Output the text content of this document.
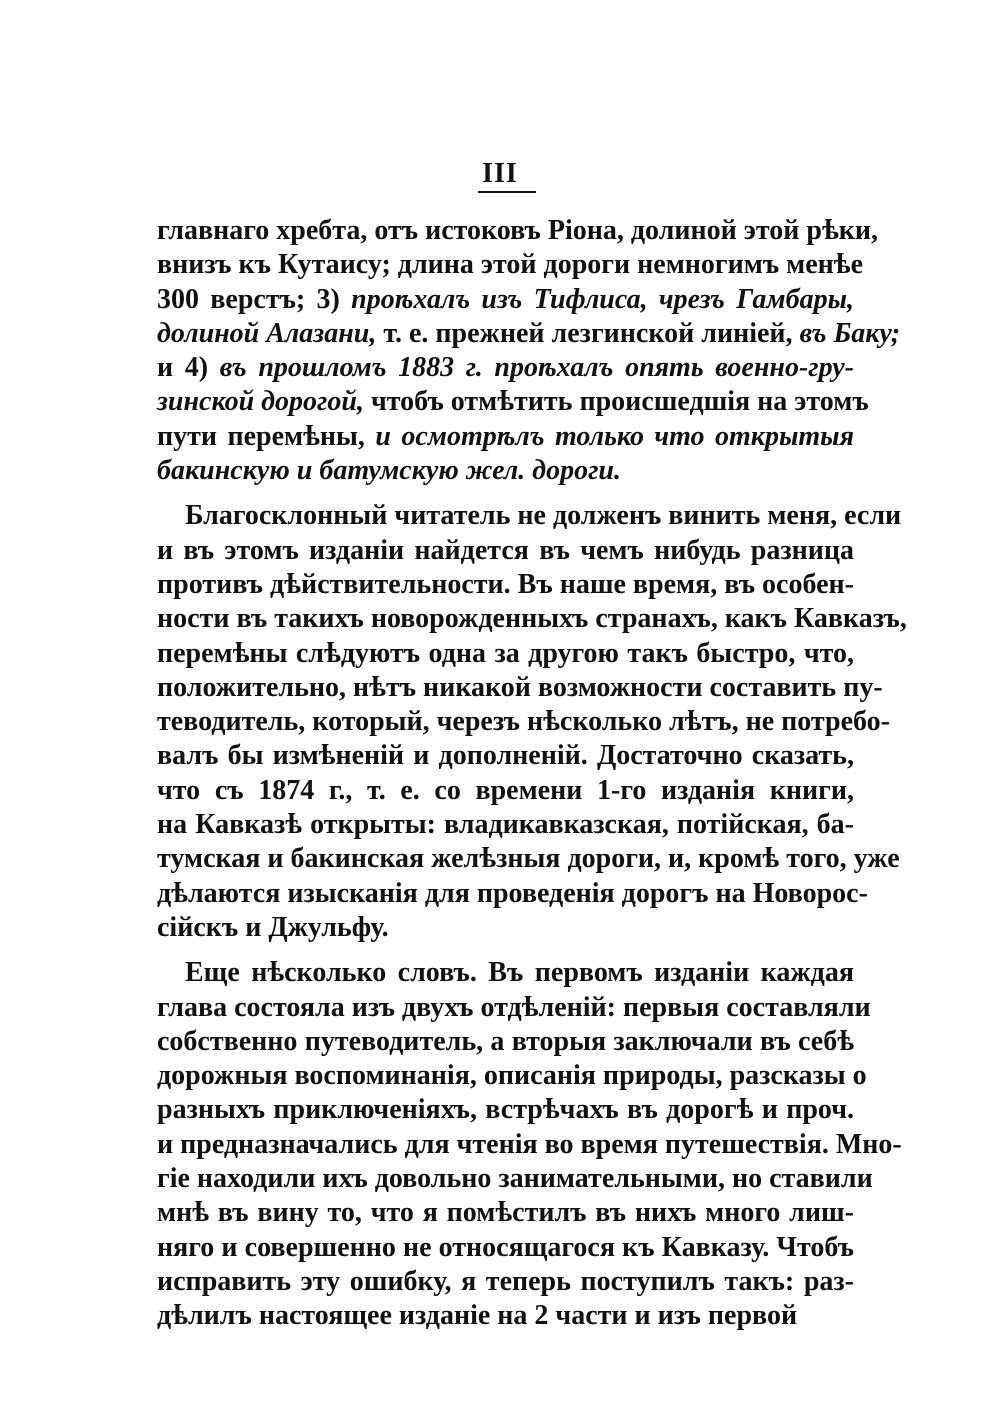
III
главнаго хребта, отъ истоковъ Ріона, долиной этой рѣки,
внизъ къ Кутаису; длина этой дороги немногимъ менѣе
300 верстъ; 3) проѣхалъ изъ Тифлиса, чрезъ Гамбары,
долиной Алазани, т. е. прежней лезгинской линіей, въ Баку;
и 4) въ прошломъ 1883 г. проѣхалъ опять военно-гру-
зинской дорогой, чтобъ отмѣтить происшедшія на этомъ
пути перемѣны, и осмотрѣлъ только что открытыя
бакинскую и батумскую жел. дороги.
Благосклонный читатель не долженъ винить меня, если
и въ этомъ изданіи найдется въ чемъ нибудь разница
противъ дѣйствительности. Въ наше время, въ особен-
ности въ такихъ новорожденныхъ странахъ, какъ Кавказъ,
перемѣны слѣдуютъ одна за другою такъ быстро, что,
положительно, нѣтъ никакой возможности составить пу-
теводитель, который, черезъ нѣсколько лѣтъ, не потребо-
валъ бы измѣненій и дополненій. Достаточно сказать,
что съ 1874 г., т. е. со времени 1-го изданія книги,
на Кавказѣ открыты: владикавказская, потійская, ба-
тумская и бакинская желѣзныя дороги, и, кромѣ того, уже
дѣлаются изысканія для проведенія дорогъ на Новорос-
сійскъ и Джульфу.
Еще нѣсколько словъ. Въ первомъ изданіи каждая
глава состояла изъ двухъ отдѣленій: первыя составляли
собственно путеводитель, а вторыя заключали въ себѣ
дорожныя воспоминанія, описанія природы, разсказы о
разныхъ приключеніяхъ, встрѣчахъ въ дорогѣ и проч.
и предназначались для чтенія во время путешествія. Мно-
гіе находили ихъ довольно занимательными, но ставили
мнѣ въ вину то, что я помѣстилъ въ нихъ много лиш-
няго и совершенно не относящагося къ Кавказу. Чтобъ
исправить эту ошибку, я теперь поступилъ такъ: раз-
дѣлилъ настоящее изданіе на 2 части и изъ первой
